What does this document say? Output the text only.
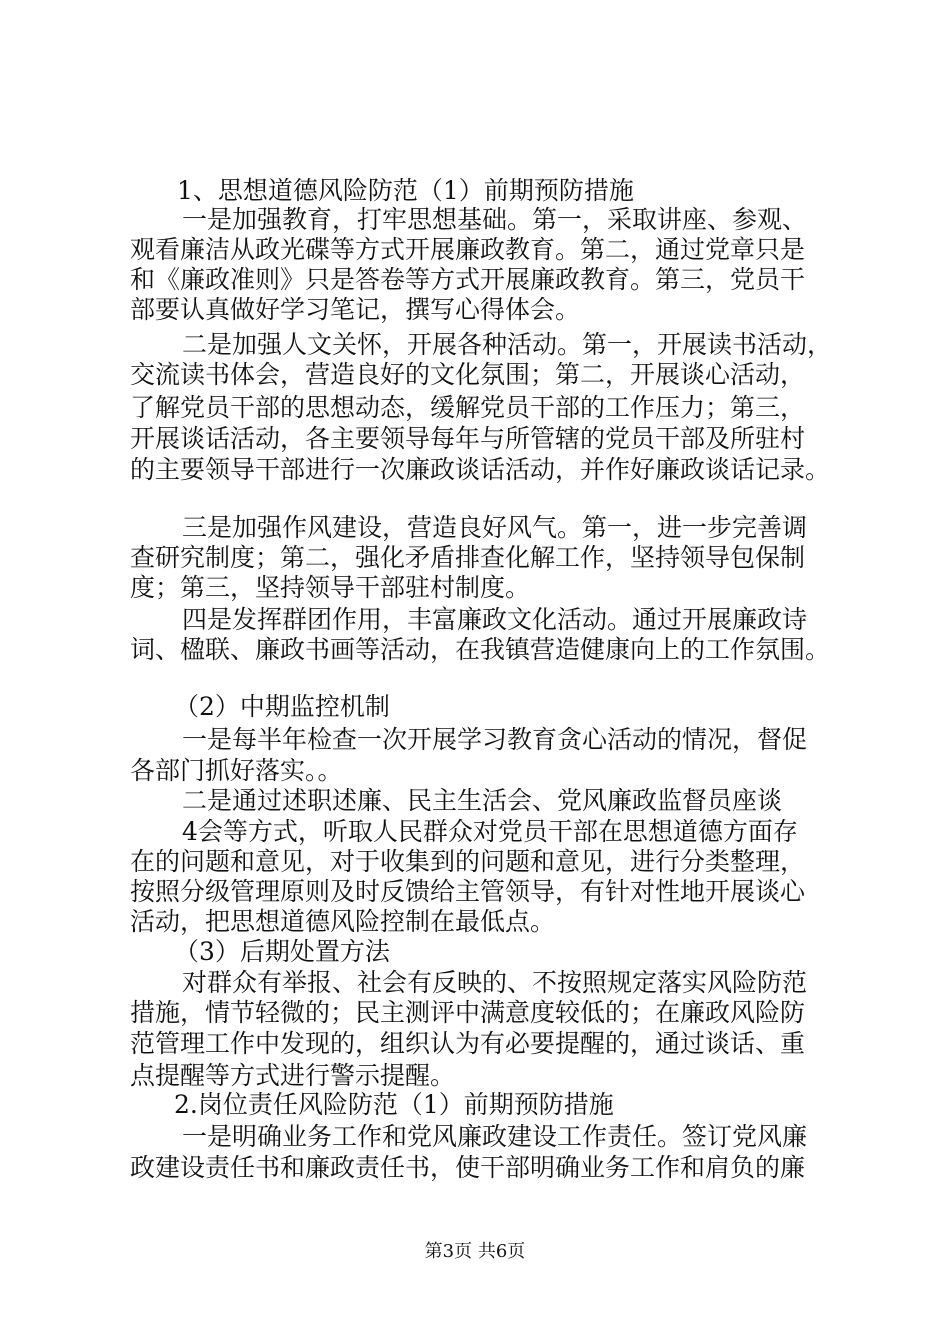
1、思想道德风险防范（1）前期预防措施
一是加强教育，打牢思想基础。第一，采取讲座、参观、
观看廉洁从政光碟等方式开展廉政教育。第二，通过党章只是
和《廉政准则》只是答卷等方式开展廉政教育。第三，党员干
部要认真做好学习笔记，撰写心得体会。
二是加强人文关怀，开展各种活动。第一，开展读书活动，
交流读书体会，营造良好的文化氛围；第二，开展谈心活动，
了解党员干部的思想动态，缓解党员干部的工作压力；第三，
开展谈话活动，各主要领导每年与所管辖的党员干部及所驻村
的主要领导干部进行一次廉政谈话活动，并作好廉政谈话记录。
三是加强作风建设，营造良好风气。第一，进一步完善调
查研究制度；第二，强化矛盾排查化解工作，坚持领导包保制
度；第三，坚持领导干部驻村制度。
四是发挥群团作用，丰富廉政文化活动。通过开展廉政诗
词、楹联、廉政书画等活动，在我镇营造健康向上的工作氛围。
（2）中期监控机制
一是每半年检查一次开展学习教育贪心活动的情况，督促
各部门抓好落实。。
二是通过述职述廉、民主生活会、党风廉政监督员座谈
4会等方式，听取人民群众对党员干部在思想道德方面存
在的问题和意见，对于收集到的问题和意见，进行分类整理，
按照分级管理原则及时反馈给主管领导，有针对性地开展谈心
活动，把思想道德风险控制在最低点。
（3）后期处置方法
对群众有举报、社会有反映的、不按照规定落实风险防范
措施，情节轻微的；民主测评中满意度较低的；在廉政风险防
范管理工作中发现的，组织认为有必要提醒的，通过谈话、重
点提醒等方式进行警示提醒。
2.岗位责任风险防范（1）前期预防措施
一是明确业务工作和党风廉政建设工作责任。签订党风廉
政建设责任书和廉政责任书，使干部明确业务工作和肩负的廉
第3页 共6页
